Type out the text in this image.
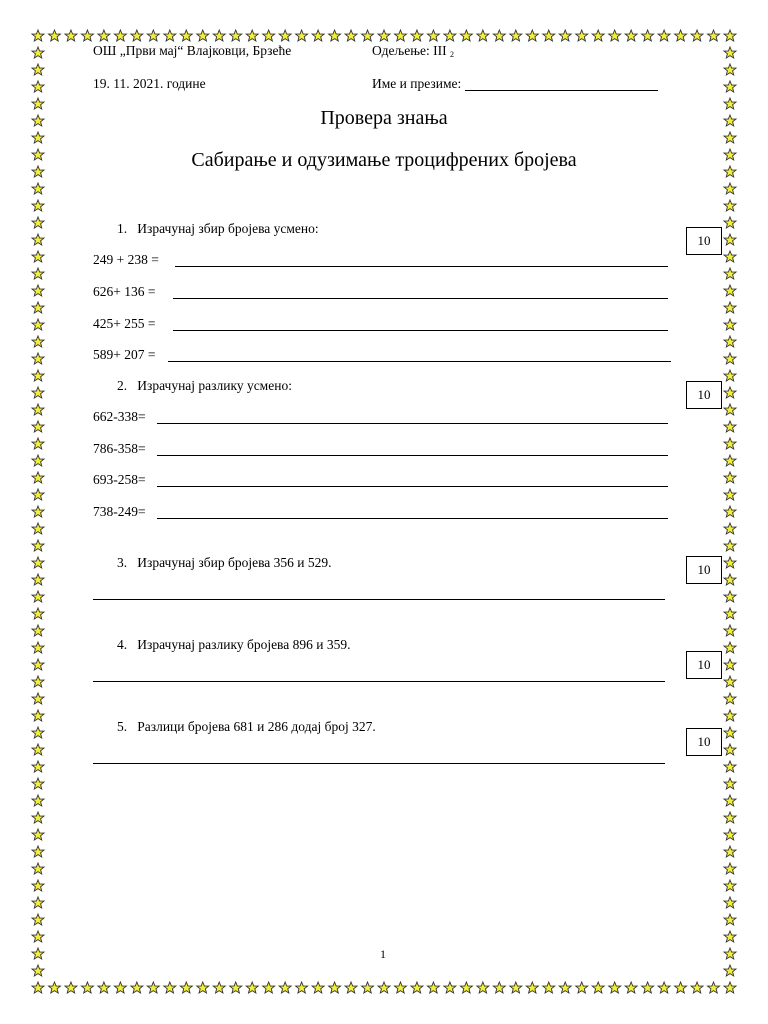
ОШ „Први мај“ Влајковци, Брзеће	Одељење: III $_2$
19. 11. 2021. године	Име и презиме:
Провера знања
Сабирање и одузимање троцифрених бројева
1. Израчунај збир бројева усмено:
10
249 + 238 =
626+ 136 =
425+ 255 =
589+ 207 =
2. Израчунај разлику усмено:
10
662-338=
786-358=
693-258=
738-249=
3. Израчунај збир бројева 356 и 529.	10
4. Израчунај разлику бројева 896 и 359.
10
5. Разлици бројева 681 и 286 додај број 327.
10
1
